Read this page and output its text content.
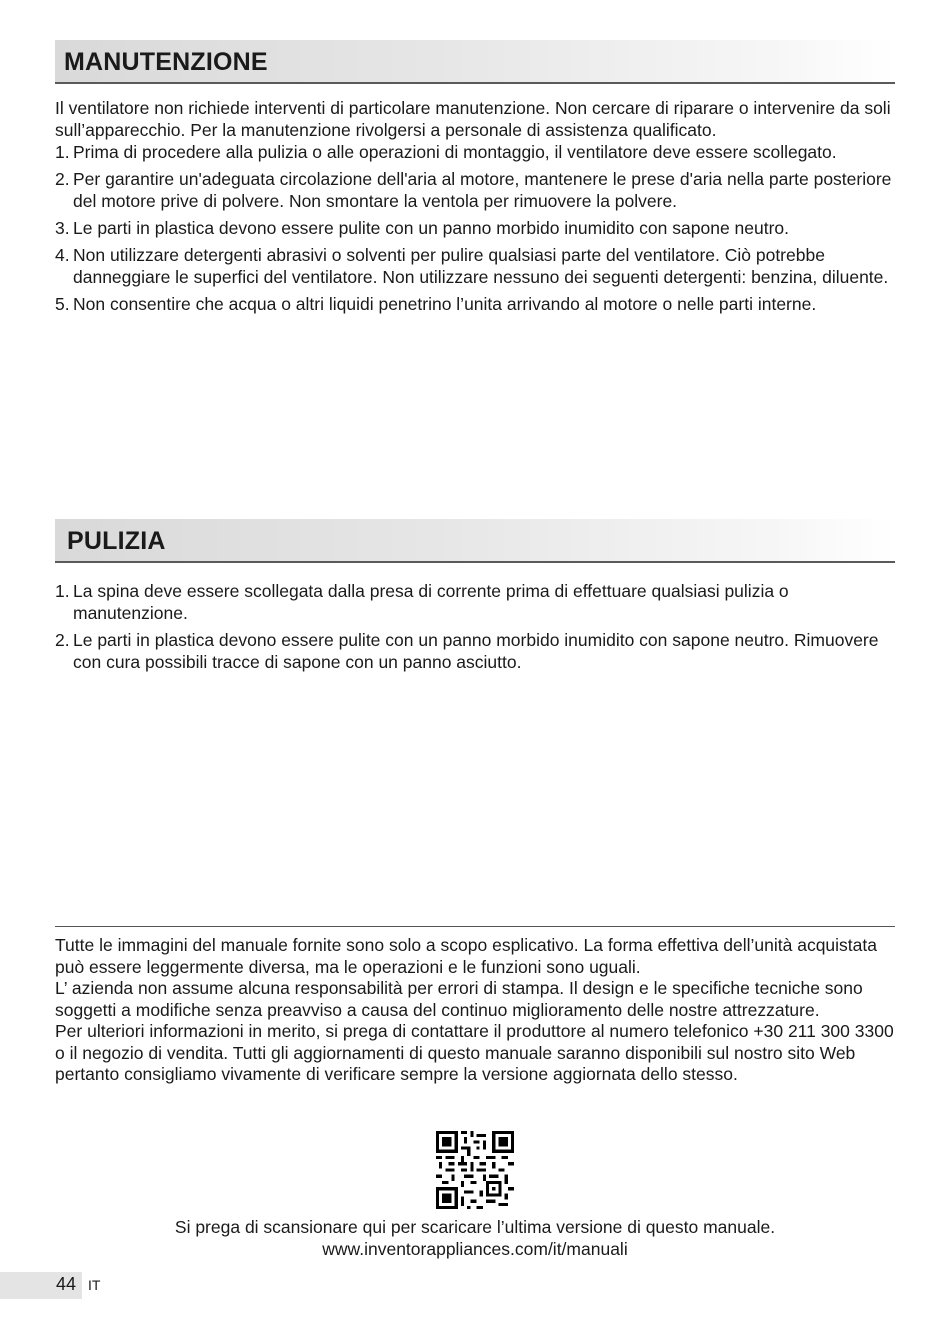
MANUTENZIONE

Il ventilatore non richiede interventi di particolare manutenzione. Non cercare di riparare o intervenire da soli sull’apparecchio. Per la manutenzione rivolgersi a personale di assistenza qualificato.

1. Prima di procedere alla pulizia o alle operazioni di montaggio, il ventilatore deve essere scollegato.
2. Per garantire un'adeguata circolazione dell'aria al motore, mantenere le prese d'aria nella parte posteriore del motore prive di polvere. Non smontare la ventola per rimuovere la polvere.
3. Le parti in plastica devono essere pulite con un panno morbido inumidito con sapone neutro.
4. Non utilizzare detergenti abrasivi o solventi per pulire qualsiasi parte del ventilatore. Ciò potrebbe danneggiare le superfici del ventilatore. Non utilizzare nessuno dei seguenti detergenti: benzina, diluente.
5. Non consentire che acqua o altri liquidi penetrino l’unita arrivando al motore o nelle parti interne.
PULIZIA
1. La spina deve essere scollegata dalla presa di corrente prima di effettuare qualsiasi pulizia o manutenzione.
2. Le parti in plastica devono essere pulite con un panno morbido inumidito con sapone neutro. Rimuovere con cura possibili tracce di sapone con un panno asciutto.

Tutte le immagini del manuale fornite sono solo a scopo esplicativo. La forma effettiva dell’unità acquistata può essere leggermente diversa, ma le operazioni e le funzioni sono uguali.

L’ azienda non assume alcuna responsabilità per errori di stampa. Il design e le specifiche tecniche sono soggetti a modifiche senza preavviso a causa del continuo miglioramento delle nostre attrezzature.

Per ulteriori informazioni in merito, si prega di contattare il produttore al numero telefonico +30 211 300 3300 o il negozio di vendita. Tutti gli aggiornamenti di questo manuale saranno disponibili sul nostro sito Web pertanto consigliamo vivamente di verificare sempre la versione aggiornata dello stesso.

Si prega di scansionare qui per scaricare l’ultima versione di questo manuale.
www.inventorappliances.com/it/manuali
44 IT
